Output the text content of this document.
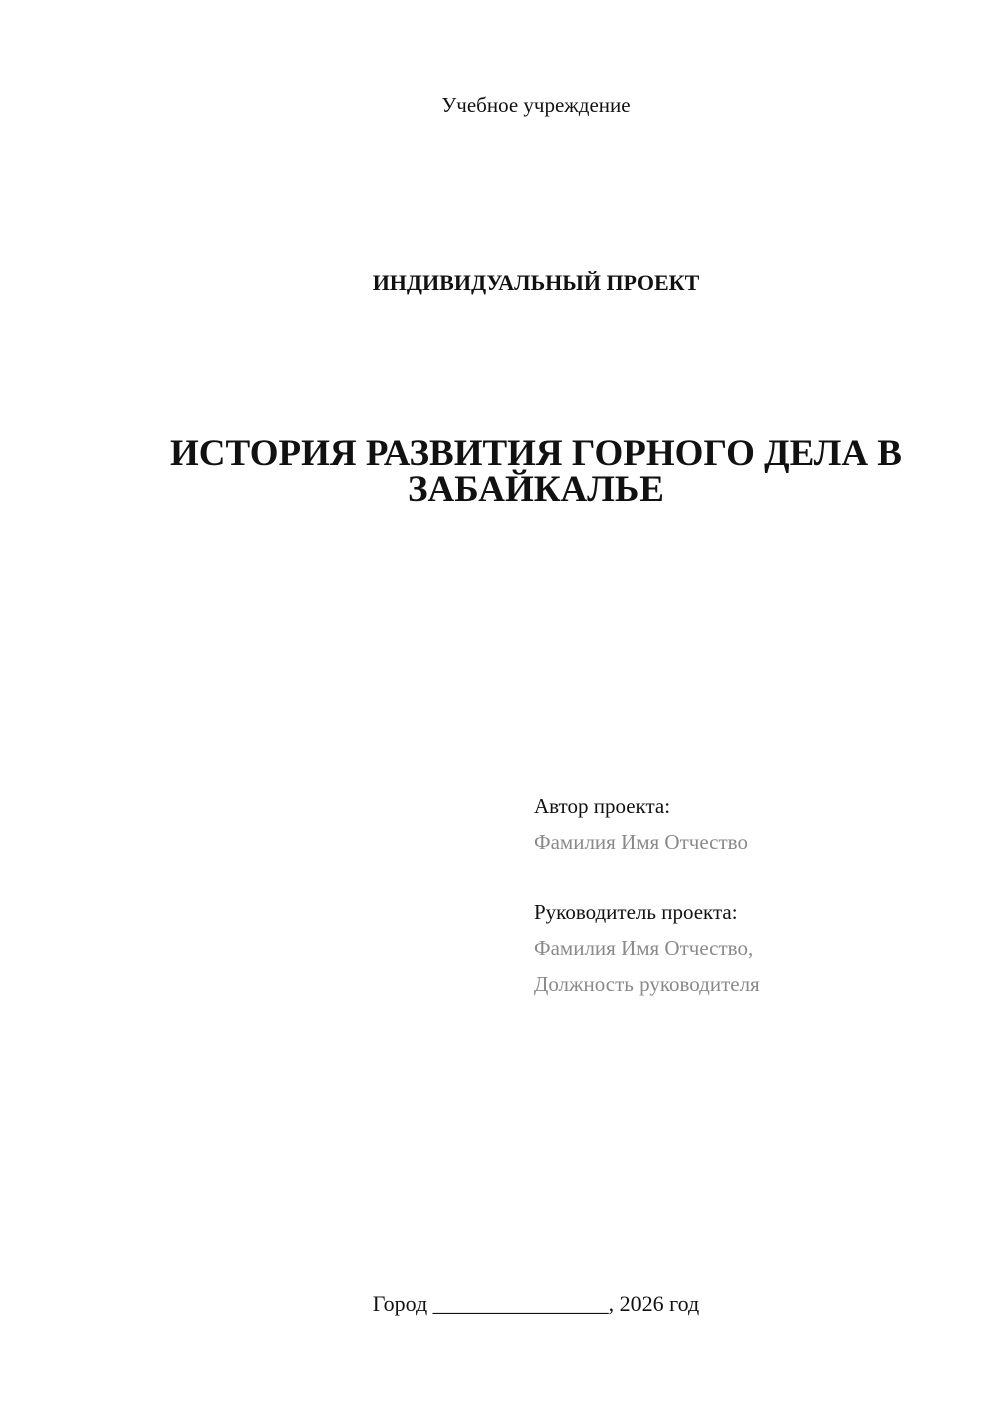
Учебное учреждение
ИНДИВИДУАЛЬНЫЙ ПРОЕКТ
ИСТОРИЯ РАЗВИТИЯ ГОРНОГО ДЕЛА В
ЗАБАЙКАЛЬЕ
Автор проекта:
Фамилия Имя Отчество
Руководитель проекта:
Фамилия Имя Отчество,
Должность руководителя
Город ________________, 2026 год
